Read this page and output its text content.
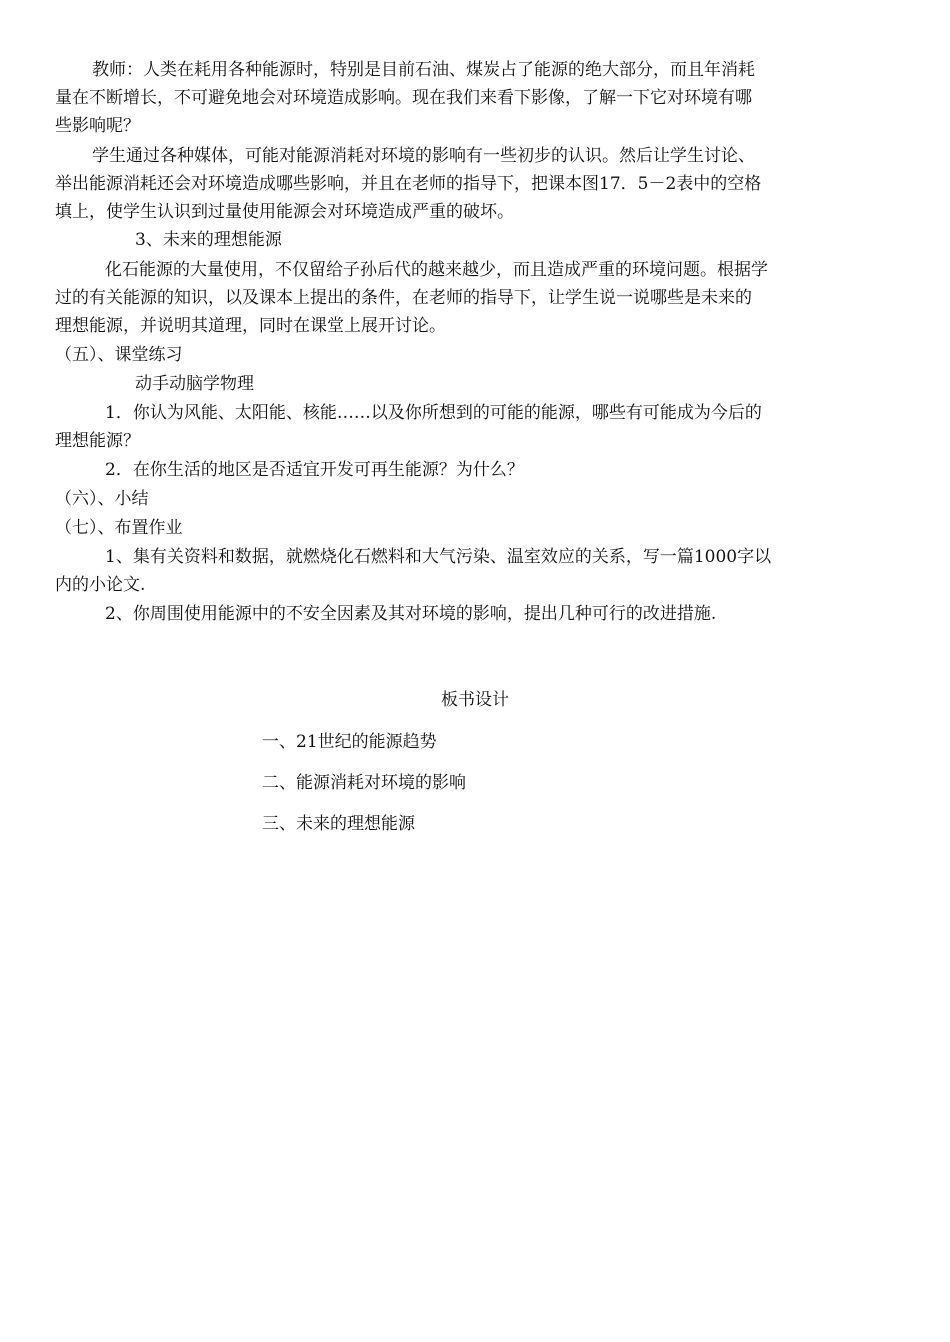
教师：人类在耗用各种能源时，特别是目前石油、煤炭占了能源的绝大部分，而且年消耗
量在不断增长，不可避免地会对环境造成影响。现在我们来看下影像，了解一下它对环境有哪
些影响呢？
学生通过各种媒体，可能对能源消耗对环境的影响有一些初步的认识。然后让学生讨论、
举出能源消耗还会对环境造成哪些影响，并且在老师的指导下，把课本图17．5－2表中的空格
填上，使学生认识到过量使用能源会对环境造成严重的破坏。
3、未来的理想能源
化石能源的大量使用，不仅留给子孙后代的越来越少，而且造成严重的环境问题。根据学
过的有关能源的知识，以及课本上提出的条件，在老师的指导下，让学生说一说哪些是未来的
理想能源，并说明其道理，同时在课堂上展开讨论。
（五）、课堂练习
动手动脑学物理
1．你认为风能、太阳能、核能……以及你所想到的可能的能源，哪些有可能成为今后的
理想能源？
2．在你生活的地区是否适宜开发可再生能源？为什么？
（六）、小结
（七）、布置作业
1、集有关资料和数据，就燃烧化石燃料和大气污染、温室效应的关系，写一篇1000字以
内的小论文.
2、你周围使用能源中的不安全因素及其对环境的影响，提出几种可行的改进措施.
板书设计
一、21世纪的能源趋势
二、能源消耗对环境的影响
三、未来的理想能源
